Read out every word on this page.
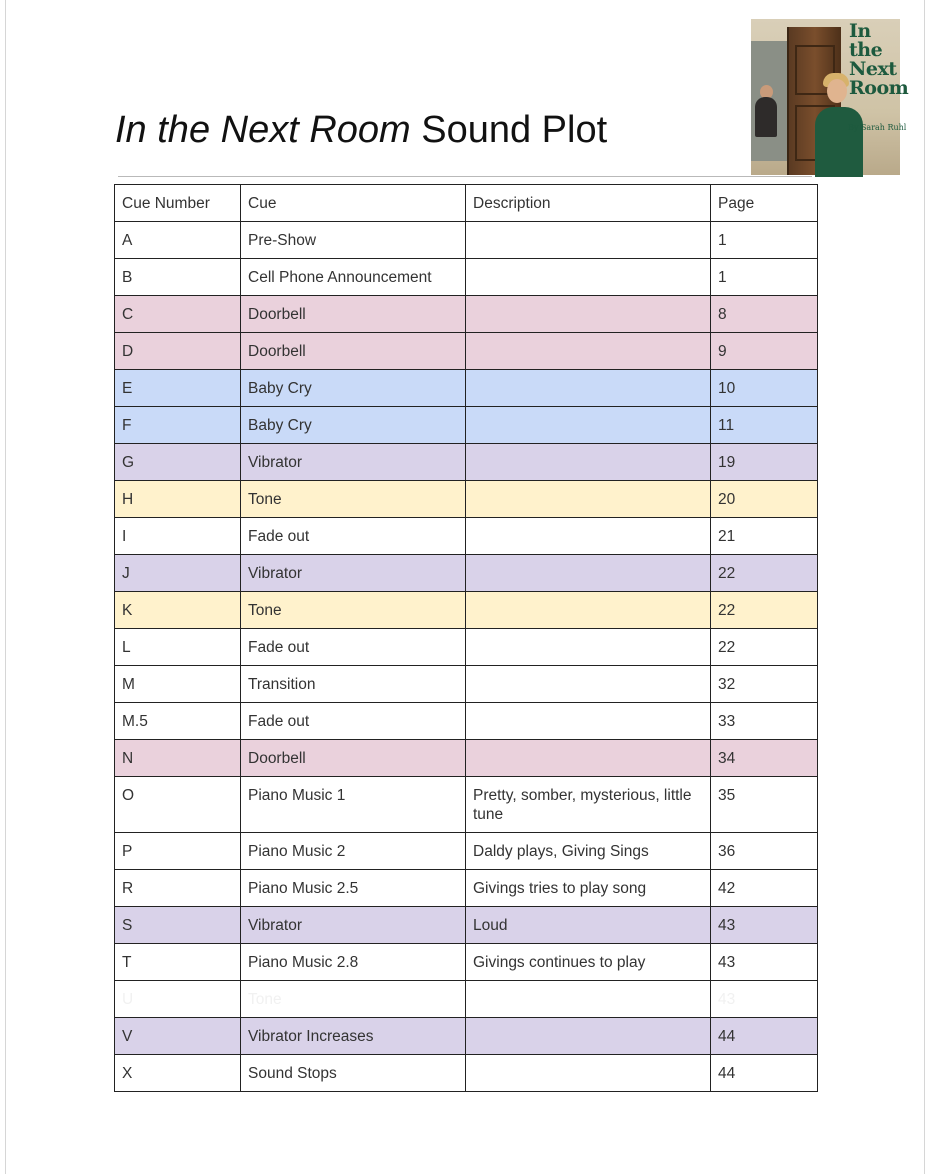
In the Next Room Sound Plot
In
the
Next
Room
By Sarah Ruhl
Cue Number	Cue	Description	Page
A	Pre-Show		1
B	Cell Phone Announcement		1
C	Doorbell		8
D	Doorbell		9
E	Baby Cry		10
F	Baby Cry		11
G	Vibrator		19
H	Tone		20
I	Fade out		21
J	Vibrator		22
K	Tone		22
L	Fade out		22
M	Transition		32
M.5	Fade out		33
N	Doorbell		34
O	Piano Music 1	Pretty, somber, mysterious, little tune	35
P	Piano Music 2	Daldy plays, Giving Sings	36
R	Piano Music 2.5	Givings tries to play song	42
S	Vibrator	Loud	43
T	Piano Music 2.8	Givings continues to play	43
U	Tone		43
V	Vibrator Increases		44
X	Sound Stops		44
